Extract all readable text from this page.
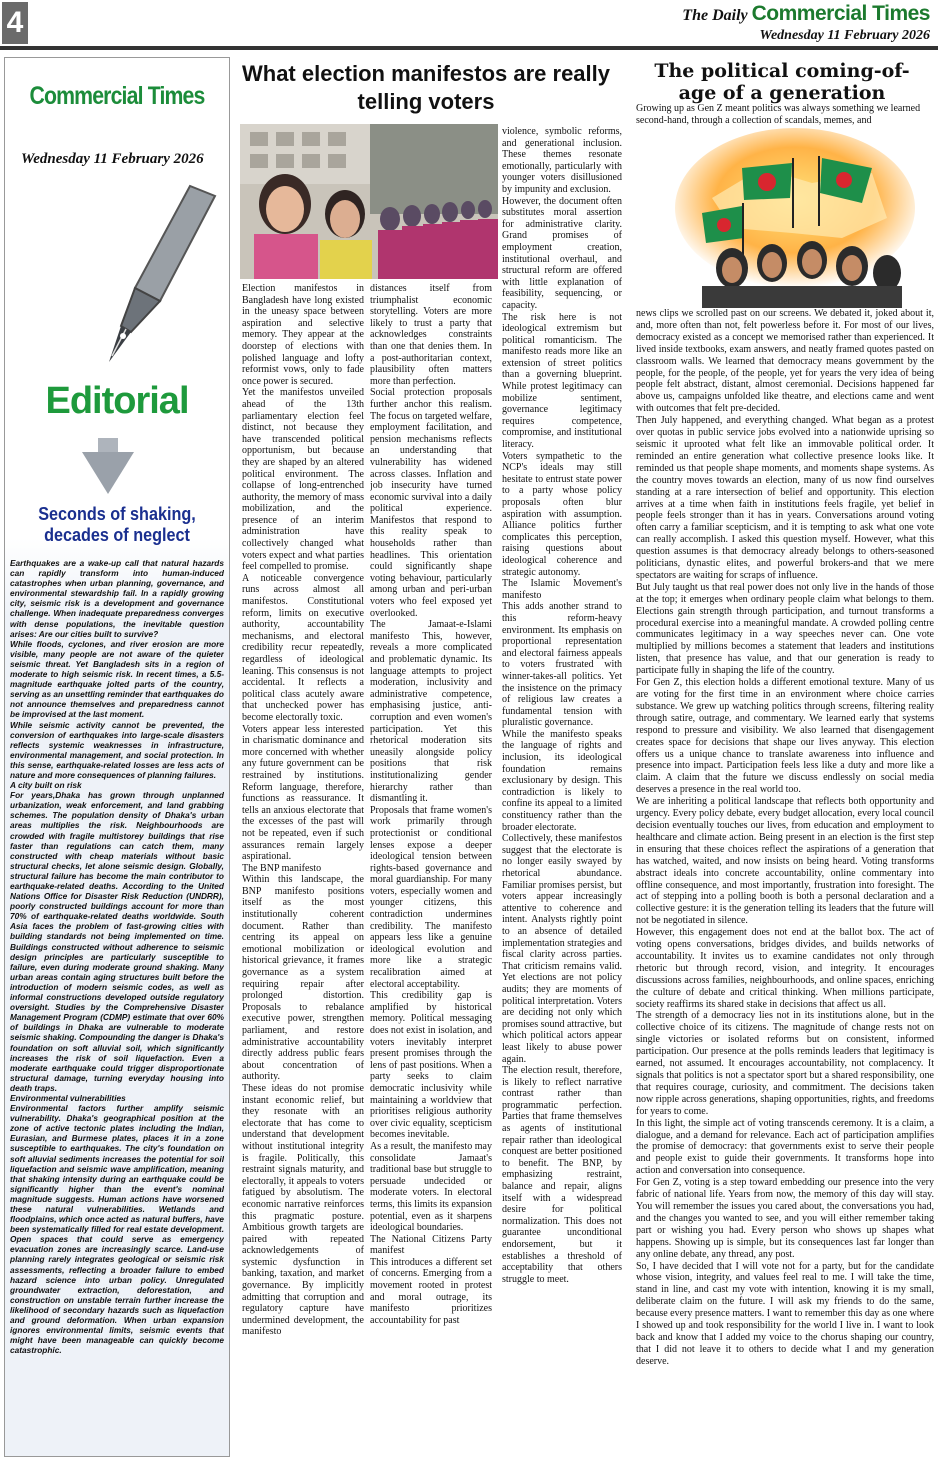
4	The Daily Commercial Times
Wednesday 11 February 2026
Commercial Times
Wednesday 11 February 2026
Editorial
Seconds of shaking, decades of neglect

Earthquakes are a wake-up call that natural hazards can rapidly transform into human-induced catastrophes when urban planning, governance, and environmental stewardship fail. In a rapidly growing city, seismic risk is a development and governance challenge. When inadequate preparedness converges with dense populations, the inevitable question arises: Are our cities built to survive?

While floods, cyclones, and river erosion are more visible, many people are not aware of the quieter seismic threat. Yet Bangladesh sits in a region of moderate to high seismic risk. In recent times, a 5.5-magnitude earthquake jolted parts of the country, serving as an unsettling reminder that earthquakes do not announce themselves and preparedness cannot be improvised at the last moment.

While seismic activity cannot be prevented, the conversion of earthquakes into large-scale disasters reflects systemic weaknesses in infrastructure, environmental management, and social protection. In this sense, earthquake-related losses are less acts of nature and more consequences of planning failures.

A city built on risk

For years,Dhaka has grown through unplanned urbanization, weak enforcement, and land grabbing schemes. The population density of Dhaka's urban areas multiplies the risk. Neighbourhoods are crowded with fragile multistorey buildings that rise faster than regulations can catch them, many constructed with cheap materials without basic structural checks, let alone seismic design. Globally, structural failure has become the main contributor to earthquake-related deaths. According to the United Nations Office for Disaster Risk Reduction (UNDRR), poorly constructed buildings account for more than 70% of earthquake-related deaths worldwide. South Asia faces the problem of fast-growing cities with building standards not being implemented on time. Buildings constructed without adherence to seismic design principles are particularly susceptible to failure, even during moderate ground shaking. Many urban areas contain aging structures built before the introduction of modern seismic codes, as well as informal constructions developed outside regulatory oversight. Studies by the Comprehensive Disaster Management Program (CDMP) estimate that over 60% of buildings in Dhaka are vulnerable to moderate seismic shaking. Compounding the danger is Dhaka's foundation on soft alluvial soil, which significantly increases the risk of soil liquefaction. Even a moderate earthquake could trigger disproportionate structural damage, turning everyday housing into death traps.

Environmental vulnerabilities

Environmental factors further amplify seismic vulnerability. Dhaka's geographical position at the zone of active tectonic plates including the Indian, Eurasian, and Burmese plates, places it in a zone susceptible to earthquakes. The city's foundation on soft alluvial sediments increases the potential for soil liquefaction and seismic wave amplification, meaning that shaking intensity during an earthquake could be significantly higher than the event's nominal magnitude suggests. Human actions have worsened these natural vulnerabilities. Wetlands and floodplains, which once acted as natural buffers, have been systematically filled for real estate development. Open spaces that could serve as emergency evacuation zones are increasingly scarce. Land-use planning rarely integrates geological or seismic risk assessments, reflecting a broader failure to embed hazard science into urban policy. Unregulated groundwater extraction, deforestation, and construction on unstable terrain further increase the likelihood of secondary hazards such as liquefaction and ground deformation. When urban expansion ignores environmental limits, seismic events that might have been manageable can quickly become catastrophic.

What election manifestos are really telling voters

Election manifestos in Bangladesh have long existed in the uneasy space between aspiration and selective memory. They appear at the doorstep of elections with polished language and lofty reformist vows, only to fade once power is secured.

Yet the manifestos unveiled ahead of the 13th parliamentary election feel distinct, not because they have transcended political opportunism, but because they are shaped by an altered political environment. The collapse of long-entrenched authority, the memory of mass mobilization, and the presence of an interim administration have collectively changed what voters expect and what parties feel compelled to promise.

A noticeable convergence runs across almost all manifestos. Constitutional reform, limits on executive authority, accountability mechanisms, and electoral credibility recur repeatedly, regardless of ideological leaning. This consensus is not accidental. It reflects a political class acutely aware that unchecked power has become electorally toxic.

Voters appear less interested in charismatic dominance and more concerned with whether any future government can be restrained by institutions. Reform language, therefore, functions as reassurance. It tells an anxious electorate that the excesses of the past will not be repeated, even if such assurances remain largely aspirational.

The BNP manifesto

Within this landscape, the BNP manifesto positions itself as the most institutionally coherent document. Rather than centring its appeal on emotional mobilization or historical grievance, it frames governance as a system requiring repair after prolonged distortion. Proposals to rebalance executive power, strengthen parliament, and restore administrative accountability directly address public fears about concentration of authority.

These ideas do not promise instant economic relief, but they resonate with an electorate that has come to understand that development without institutional integrity is fragile. Politically, this restraint signals maturity, and electorally, it appeals to voters fatigued by absolutism. The economic narrative reinforces this pragmatic posture. Ambitious growth targets are paired with repeated acknowledgements of systemic dysfunction in banking, taxation, and market governance. By implicitly admitting that corruption and regulatory capture have undermined development, the manifesto

distances itself from triumphalist economic storytelling. Voters are more likely to trust a party that acknowledges constraints than one that denies them. In a post-authoritarian context, plausibility often matters more than perfection.

Social protection proposals further anchor this realism. The focus on targeted welfare, employment facilitation, and pension mechanisms reflects an understanding that vulnerability has widened across classes. Inflation and job insecurity have turned economic survival into a daily political experience. Manifestos that respond to this reality speak to households rather than headlines. This orientation could significantly shape voting behaviour, particularly among urban and peri-urban voters who feel exposed yet overlooked.

The Jamaat-e-Islami manifesto This, however, reveals a more complicated and problematic dynamic. Its language attempts to project moderation, inclusivity and administrative competence, emphasising justice, anti-corruption and even women's participation. Yet this rhetorical moderation sits uneasily alongside policy positions that risk institutionalizing gender hierarchy rather than dismantling it.

Proposals that frame women's work primarily through protectionist or conditional lenses expose a deeper ideological tension between rights-based governance and moral guardianship. For many voters, especially women and younger citizens, this contradiction undermines credibility. The manifesto appears less like a genuine ideological evolution and more like a strategic recalibration aimed at electoral acceptability.

This credibility gap is amplified by historical memory. Political messaging does not exist in isolation, and voters inevitably interpret present promises through the lens of past positions. When a party seeks to claim democratic inclusivity while maintaining a worldview that prioritises religious authority over civic equality, scepticism becomes inevitable.

As a result, the manifesto may consolidate Jamaat's traditional base but struggle to persuade undecided or moderate voters. In electoral terms, this limits its expansion potential, even as it sharpens ideological boundaries.

The National Citizens Party manifest

This introduces a different set of concerns. Emerging from a movement rooted in protest and moral outrage, its manifesto prioritizes accountability for past

violence, symbolic reforms, and generational inclusion. These themes resonate emotionally, particularly with younger voters disillusioned by impunity and exclusion.

However, the document often substitutes moral assertion for administrative clarity. Grand promises of employment creation, institutional overhaul, and structural reform are offered with little explanation of feasibility, sequencing, or capacity.

The risk here is not ideological extremism but political romanticism. The manifesto reads more like an extension of street politics than a governing blueprint. While protest legitimacy can mobilize sentiment, governance legitimacy requires competence, compromise, and institutional literacy.

Voters sympathetic to the NCP's ideals may still hesitate to entrust state power to a party whose policy proposals often blur aspiration with assumption. Alliance politics further complicates this perception, raising questions about ideological coherence and strategic autonomy.

The Islamic Movement's manifesto

This adds another strand to this reform-heavy environment. Its emphasis on proportional representation and electoral fairness appeals to voters frustrated with winner-takes-all politics. Yet the insistence on the primacy of religious law creates a fundamental tension with pluralistic governance.

While the manifesto speaks the language of rights and inclusion, its ideological foundation remains exclusionary by design. This contradiction is likely to confine its appeal to a limited constituency rather than the broader electorate.

Collectively, these manifestos suggest that the electorate is no longer easily swayed by rhetorical abundance. Familiar promises persist, but voters appear increasingly attentive to coherence and intent. Analysts rightly point to an absence of detailed implementation strategies and fiscal clarity across parties. That criticism remains valid. Yet elections are not policy audits; they are moments of political interpretation. Voters are deciding not only which promises sound attractive, but which political actors appear least likely to abuse power again.

The election result, therefore, is likely to reflect narrative contrast rather than programmatic perfection. Parties that frame themselves as agents of institutional repair rather than ideological conquest are better positioned to benefit. The BNP, by emphasizing restraint, balance and repair, aligns itself with a widespread desire for political normalization. This does not guarantee unconditional endorsement, but it establishes a threshold of acceptability that others struggle to meet.

The political coming-of-age of a generation
Growing up as Gen Z meant politics was always something we learned second-hand, through a collection of scandals, memes, and

news clips we scrolled past on our screens. We debated it, joked about it, and, more often than not, felt powerless before it. For most of our lives, democracy existed as a concept we memorised rather than experienced. It lived inside textbooks, exam answers, and neatly framed quotes pasted on classroom walls. We learned that democracy means government by the people, for the people, of the people, yet for years the very idea of being people felt abstract, distant, almost ceremonial. Decisions happened far above us, campaigns unfolded like theatre, and elections came and went with outcomes that felt pre-decided.

Then July happened, and everything changed. What began as a protest over quotas in public service jobs evolved into a nationwide uprising so seismic it uprooted what felt like an immovable political order. It reminded an entire generation what collective presence looks like. It reminded us that people shape moments, and moments shape systems. As the country moves towards an election, many of us now find ourselves standing at a rare intersection of belief and opportunity. This election arrives at a time when faith in institutions feels fragile, yet belief in people feels stronger than it has in years. Conversations around voting often carry a familiar scepticism, and it is tempting to ask what one vote can really accomplish. I asked this question myself. However, what this question assumes is that democracy already belongs to others-seasoned politicians, dynastic elites, and powerful brokers-and that we mere spectators are waiting for scraps of influence.

But July taught us that real power does not only live in the hands of those at the top; it emerges when ordinary people claim what belongs to them. Elections gain strength through participation, and turnout transforms a procedural exercise into a meaningful mandate. A crowded polling centre communicates legitimacy in a way speeches never can. One vote multiplied by millions becomes a statement that leaders and institutions listen, that presence has value, and that our generation is ready to participate fully in shaping the life of the country.

For Gen Z, this election holds a different emotional texture. Many of us are voting for the first time in an environment where choice carries substance. We grew up watching politics through screens, filtering reality through satire, outrage, and commentary. We learned early that systems respond to pressure and visibility. We also learned that disengagement creates space for decisions that shape our lives anyway. This election offers us a unique chance to translate awareness into influence and presence into impact. Participation feels less like a duty and more like a claim. A claim that the future we discuss endlessly on social media deserves a presence in the real world too.

We are inheriting a political landscape that reflects both opportunity and urgency. Every policy debate, every budget allocation, every local council decision eventually touches our lives, from education and employment to healthcare and climate action. Being present in an election is the first step in ensuring that these choices reflect the aspirations of a generation that has watched, waited, and now insists on being heard. Voting transforms abstract ideals into concrete accountability, online commentary into offline consequence, and most importantly, frustration into foresight. The act of stepping into a polling booth is both a personal declaration and a collective gesture: it is the generation telling its leaders that the future will not be negotiated in silence.

However, this engagement does not end at the ballot box. The act of voting opens conversations, bridges divides, and builds networks of accountability. It invites us to examine candidates not only through rhetoric but through record, vision, and integrity. It encourages discussions across families, neighbourhoods, and online spaces, enriching the culture of debate and critical thinking. When millions participate, society reaffirms its shared stake in decisions that affect us all.

The strength of a democracy lies not in its institutions alone, but in the collective choice of its citizens. The magnitude of change rests not on single victories or isolated reforms but on consistent, informed participation. Our presence at the polls reminds leaders that legitimacy is earned, not assumed. It encourages accountability, not complacency. It signals that politics is not a spectator sport but a shared responsibility, one that requires courage, curiosity, and commitment. The decisions taken now ripple across generations, shaping opportunities, rights, and freedoms for years to come.

In this light, the simple act of voting transcends ceremony. It is a claim, a dialogue, and a demand for relevance. Each act of participation amplifies the promise of democracy: that governments exist to serve their people and people exist to guide their governments. It transforms hope into action and conversation into consequence.

For Gen Z, voting is a step toward embedding our presence into the very fabric of national life. Years from now, the memory of this day will stay. You will remember the issues you cared about, the conversations you had, and the changes you wanted to see, and you will either remember taking part or wishing you had. Every person who shows up shapes what happens. Showing up is simple, but its consequences last far longer than any online debate, any thread, any post.

So, I have decided that I will vote not for a party, but for the candidate whose vision, integrity, and values feel real to me. I will take the time, stand in line, and cast my vote with intention, knowing it is my small, deliberate claim on the future. I will ask my friends to do the same, because every presence matters. I want to remember this day as one where I showed up and took responsibility for the world I live in. I want to look back and know that I added my voice to the chorus shaping our country, that I did not leave it to others to decide what I and my generation deserve.
